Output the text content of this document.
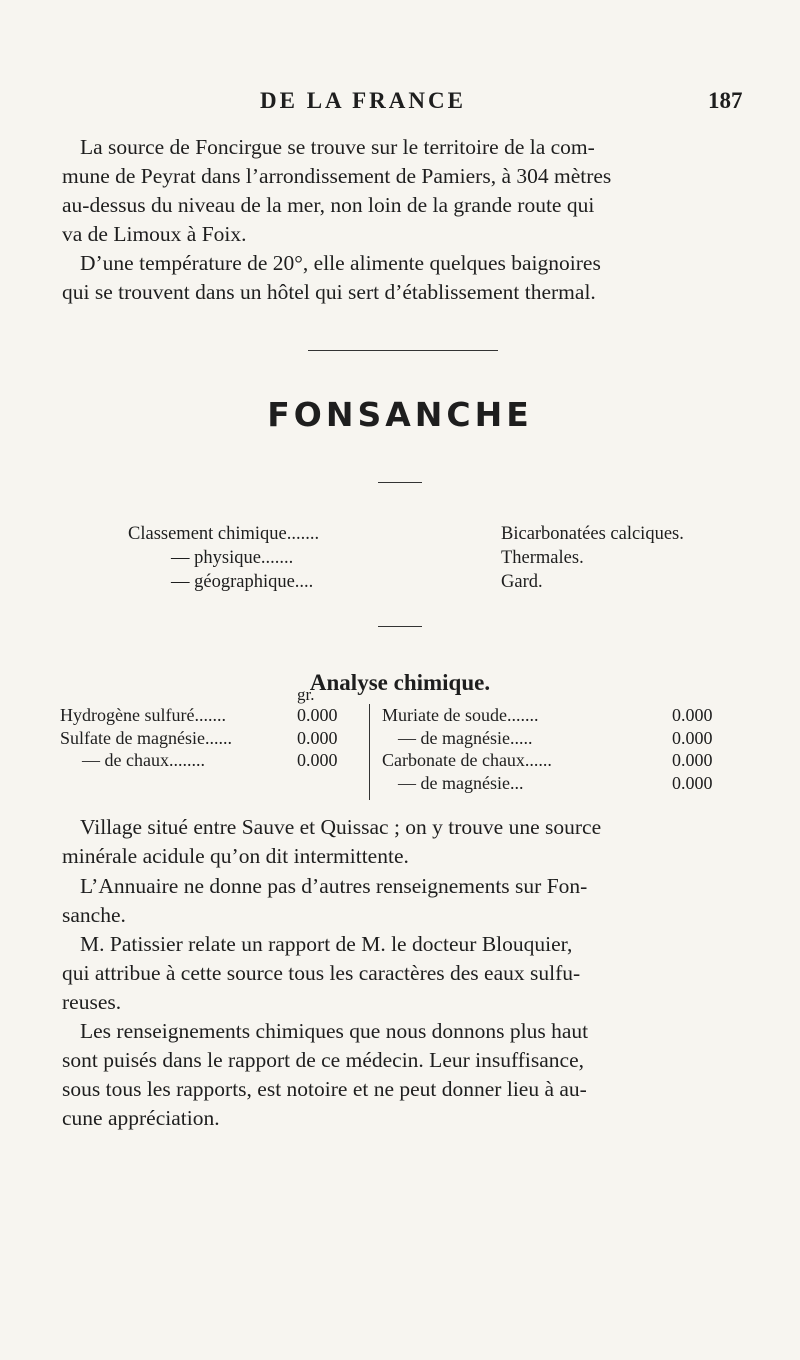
DE LA FRANCE	187

La source de Foncirgue se trouve sur le territoire de la com-
mune de Peyrat dans l’arrondissement de Pamiers, à 304 mètres
au-dessus du niveau de la mer, non loin de la grande route qui
va de Limoux à Foix.

D’une température de 20°, elle alimente quelques baignoires
qui se trouvent dans un hôtel qui sert d’établissement thermal.

FONSANCHE
Classement chimique.......	Bicarbonatées calciques.
— physique.......	Thermales.
— géographique....	Gard.
Analyse chimique.
gr.
Hydrogène sulfuré.......	0.000
Sulfate de magnésie......	0.000
— de chaux........	0.000
Muriate de soude.......	0.000
— de magnésie.....	0.000
Carbonate de chaux......	0.000
— de magnésie...	0.000

Village situé entre Sauve et Quissac ; on y trouve une source
minérale acidule qu’on dit intermittente.

L’Annuaire ne donne pas d’autres renseignements sur Fon-
sanche.

M. Patissier relate un rapport de M. le docteur Blouquier,
qui attribue à cette source tous les caractères des eaux sulfu-
reuses.

Les renseignements chimiques que nous donnons plus haut
sont puisés dans le rapport de ce médecin. Leur insuffisance,
sous tous les rapports, est notoire et ne peut donner lieu à au-
cune appréciation.
